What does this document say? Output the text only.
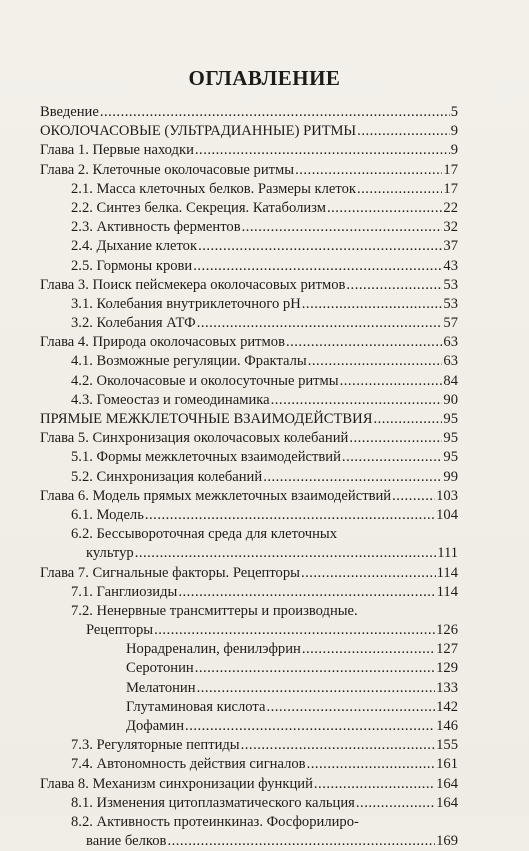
ОГЛАВЛЕНИЕ
Введение .....	5
ОКОЛОЧАСОВЫЕ (УЛЬТРАДИАННЫЕ) РИТМЫ .....	9
Глава 1. Первые находки .....	9
Глава 2. Клеточные околочасовые ритмы .....	17
2.1. Масса клеточных белков. Размеры клеток .....	17
2.2. Синтез белка. Секреция. Катаболизм .....	22
2.3. Активность ферментов .....	32
2.4. Дыхание клеток .....	37
2.5. Гормоны крови .....	43
Глава 3. Поиск пейсмекера околочасовых ритмов .....	53
3.1. Колебания внутриклеточного pH .....	53
3.2. Колебания АТФ .....	57
Глава 4. Природа околочасовых ритмов .....	63
4.1. Возможные регуляции. Фракталы .....	63
4.2. Околочасовые и околосуточные ритмы .....	84
4.3. Гомеостаз и гомеодинамика .....	90
ПРЯМЫЕ МЕЖКЛЕТОЧНЫЕ ВЗАИМОДЕЙСТВИЯ .....	95
Глава 5. Синхронизация околочасовых колебаний .....	95
5.1. Формы межклеточных взаимодействий .....	95
5.2. Синхронизация колебаний .....	99
Глава 6. Модель прямых межклеточных взаимодействий .....	103
6.1. Модель .....	104
6.2. Бессывороточная среда для клеточных
культур .....	111
Глава 7. Сигнальные факторы. Рецепторы .....	114
7.1. Ганглиозиды .....	114
7.2. Ненервные трансмиттеры и производные.
Рецепторы .....	126
Норадреналин, фенилэфрин .....	127
Серотонин .....	129
Мелатонин .....	133
Глутаминовая кислота .....	142
Дофамин .....	146
7.3. Регуляторные пептиды .....	155
7.4. Автономность действия сигналов .....	161
Глава 8. Механизм синхронизации функций .....	164
8.1. Изменения цитоплазматического кальция .....	164
8.2. Активность протеинкиназ. Фосфорилиро-
вание белков .....	169
